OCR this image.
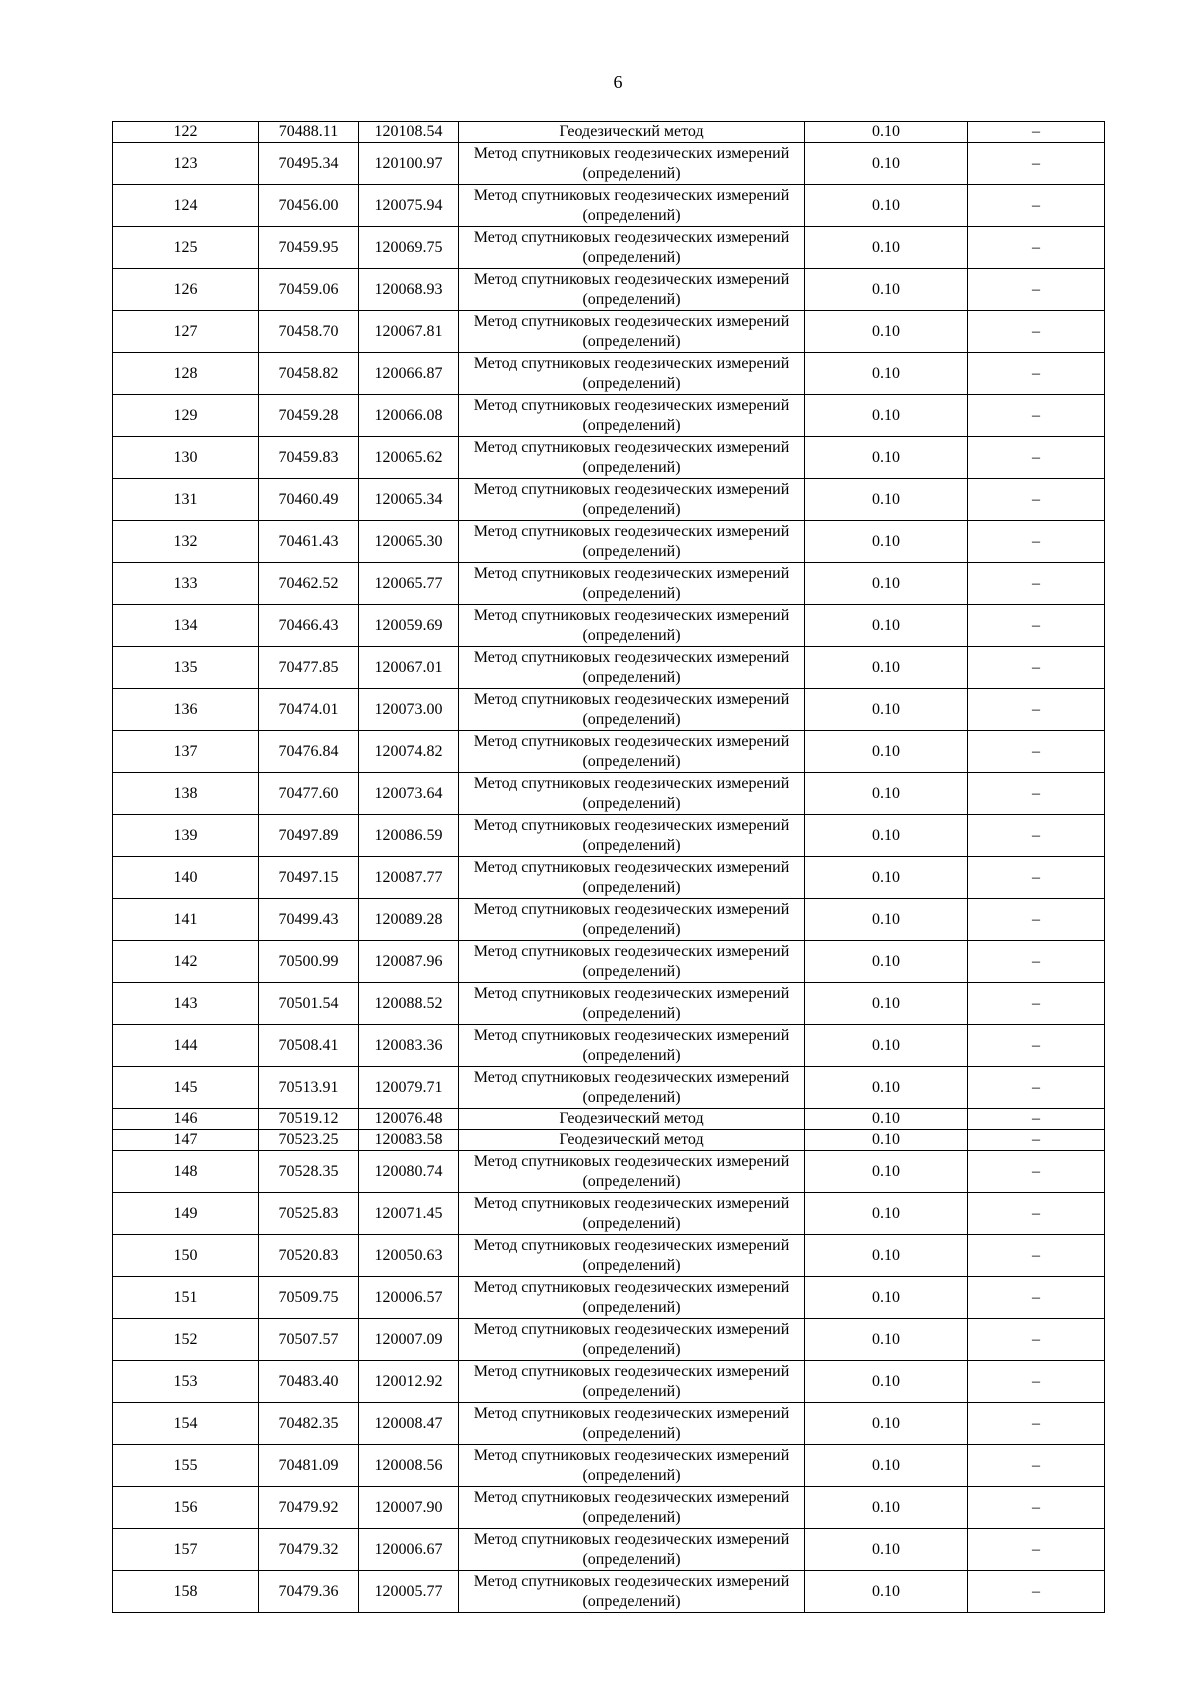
6
122	70488.11	120108.54	Геодезический метод	0.10	–
123	70495.34	120100.97	Метод спутниковых геодезических измерений (определений)	0.10	–
124	70456.00	120075.94	Метод спутниковых геодезических измерений (определений)	0.10	–
125	70459.95	120069.75	Метод спутниковых геодезических измерений (определений)	0.10	–
126	70459.06	120068.93	Метод спутниковых геодезических измерений (определений)	0.10	–
127	70458.70	120067.81	Метод спутниковых геодезических измерений (определений)	0.10	–
128	70458.82	120066.87	Метод спутниковых геодезических измерений (определений)	0.10	–
129	70459.28	120066.08	Метод спутниковых геодезических измерений (определений)	0.10	–
130	70459.83	120065.62	Метод спутниковых геодезических измерений (определений)	0.10	–
131	70460.49	120065.34	Метод спутниковых геодезических измерений (определений)	0.10	–
132	70461.43	120065.30	Метод спутниковых геодезических измерений (определений)	0.10	–
133	70462.52	120065.77	Метод спутниковых геодезических измерений (определений)	0.10	–
134	70466.43	120059.69	Метод спутниковых геодезических измерений (определений)	0.10	–
135	70477.85	120067.01	Метод спутниковых геодезических измерений (определений)	0.10	–
136	70474.01	120073.00	Метод спутниковых геодезических измерений (определений)	0.10	–
137	70476.84	120074.82	Метод спутниковых геодезических измерений (определений)	0.10	–
138	70477.60	120073.64	Метод спутниковых геодезических измерений (определений)	0.10	–
139	70497.89	120086.59	Метод спутниковых геодезических измерений (определений)	0.10	–
140	70497.15	120087.77	Метод спутниковых геодезических измерений (определений)	0.10	–
141	70499.43	120089.28	Метод спутниковых геодезических измерений (определений)	0.10	–
142	70500.99	120087.96	Метод спутниковых геодезических измерений (определений)	0.10	–
143	70501.54	120088.52	Метод спутниковых геодезических измерений (определений)	0.10	–
144	70508.41	120083.36	Метод спутниковых геодезических измерений (определений)	0.10	–
145	70513.91	120079.71	Метод спутниковых геодезических измерений (определений)	0.10	–
146	70519.12	120076.48	Геодезический метод	0.10	–
147	70523.25	120083.58	Геодезический метод	0.10	–
148	70528.35	120080.74	Метод спутниковых геодезических измерений (определений)	0.10	–
149	70525.83	120071.45	Метод спутниковых геодезических измерений (определений)	0.10	–
150	70520.83	120050.63	Метод спутниковых геодезических измерений (определений)	0.10	–
151	70509.75	120006.57	Метод спутниковых геодезических измерений (определений)	0.10	–
152	70507.57	120007.09	Метод спутниковых геодезических измерений (определений)	0.10	–
153	70483.40	120012.92	Метод спутниковых геодезических измерений (определений)	0.10	–
154	70482.35	120008.47	Метод спутниковых геодезических измерений (определений)	0.10	–
155	70481.09	120008.56	Метод спутниковых геодезических измерений (определений)	0.10	–
156	70479.92	120007.90	Метод спутниковых геодезических измерений (определений)	0.10	–
157	70479.32	120006.67	Метод спутниковых геодезических измерений (определений)	0.10	–
158	70479.36	120005.77	Метод спутниковых геодезических измерений (определений)	0.10	–
